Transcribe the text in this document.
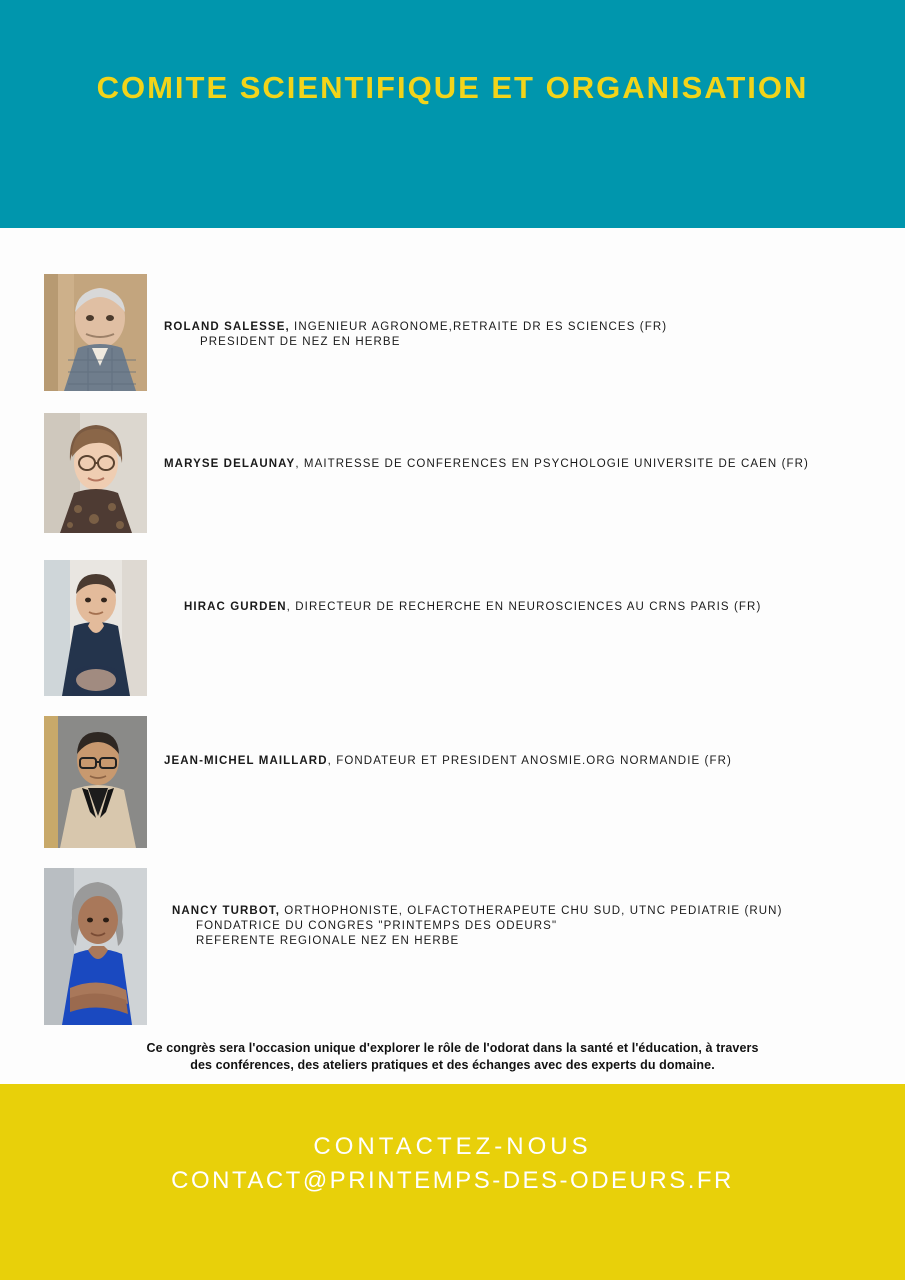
COMITE SCIENTIFIQUE ET ORGANISATION
ROLAND SALESSE, INGENIEUR AGRONOME,RETRAITE DR ES SCIENCES (FR)
PRESIDENT DE NEZ EN HERBE
MARYSE DELAUNAY, MAITRESSE DE CONFERENCES EN PSYCHOLOGIE UNIVERSITE DE CAEN (FR)
HIRAC GURDEN, DIRECTEUR DE RECHERCHE EN NEUROSCIENCES AU CRNS PARIS (FR)
JEAN-MICHEL MAILLARD, FONDATEUR ET PRESIDENT ANOSMIE.ORG NORMANDIE (FR)
NANCY TURBOT, ORTHOPHONISTE, OLFACTOTHERAPEUTE CHU SUD, UTNC PEDIATRIE (RUN)
FONDATRICE DU CONGRES "PRINTEMPS DES ODEURS"
REFERENTE REGIONALE NEZ EN HERBE
Ce congrès sera l'occasion unique d'explorer le rôle de l'odorat dans la santé et l'éducation, à travers
des conférences, des ateliers pratiques et des échanges avec des experts du domaine.
CONTACTEZ-NOUS
CONTACT@PRINTEMPS-DES-ODEURS.FR
